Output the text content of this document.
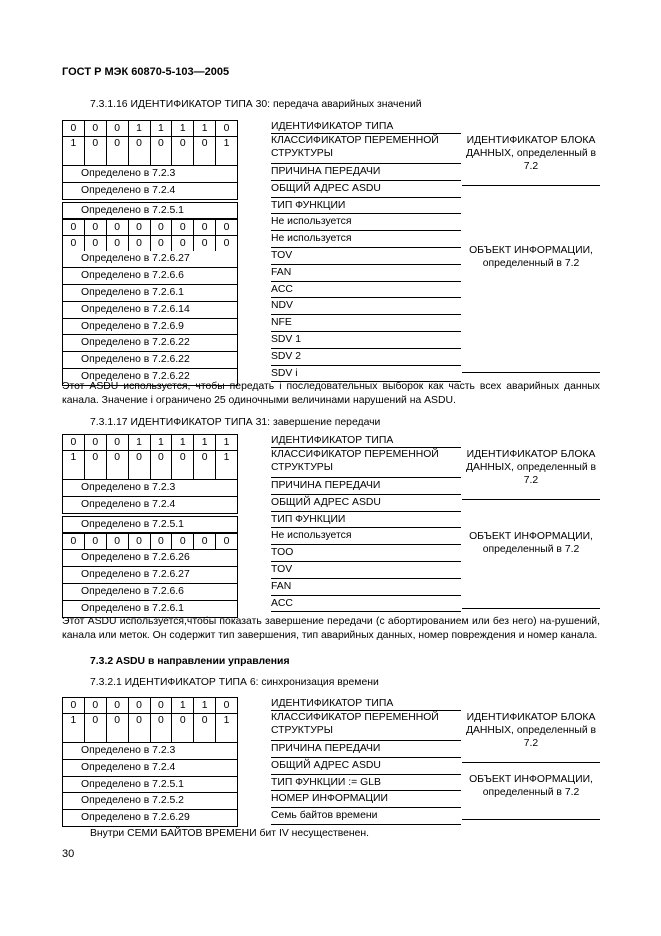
ГОСТ Р МЭК 60870-5-103—2005
7.3.1.16 ИДЕНТИФИКАТОР ТИПА 30: передача аварийных значений
0	0	0	1	1	1	1	0
1	0	0	0	0	0	0	1
Определено в 7.2.3
Определено в 7.2.4
Определено в 7.2.5.1
0	0	0	0	0	0	0	0
0	0	0	0	0	0	0	0
Определено в 7.2.6.27
Определено в 7.2.6.6
Определено в 7.2.6.1
Определено в 7.2.6.14
Определено в 7.2.6.9
Определено в 7.2.6.22
Определено в 7.2.6.22
Определено в 7.2.6.22
ИДЕНТИФИКАТОР ТИПА
КЛАССИФИКАТОР ПЕРЕМЕННОЙ СТРУКТУРЫ
ПРИЧИНА ПЕРЕДАЧИ
ОБЩИЙ АДРЕС ASDU
ТИП ФУНКЦИИ
Не используется
Не используется
TOV
FAN
ACC
NDV
NFE
SDV 1
SDV 2
SDV i
ИДЕНТИФИКАТОР БЛОКА ДАННЫХ, определенный в 7.2
ОБЪЕКТ ИНФОРМАЦИИ, определенный в 7.2
Этот ASDU используется, чтобы передать i последовательных выборок как часть всех аварийных данных канала. Значение i ограничено 25 одиночными величинами нарушений на ASDU.
7.3.1.17 ИДЕНТИФИКАТОР ТИПА 31: завершение передачи
0	0	0	1	1	1	1	1
1	0	0	0	0	0	0	1
Определено в 7.2.3
Определено в 7.2.4
Определено в 7.2.5.1
0	0	0	0	0	0	0	0
Определено в 7.2.6.26
Определено в 7.2.6.27
Определено в 7.2.6.6
Определено в 7.2.6.1
ИДЕНТИФИКАТОР ТИПА
КЛАССИФИКАТОР ПЕРЕМЕННОЙ СТРУКТУРЫ
ПРИЧИНА ПЕРЕДАЧИ
ОБЩИЙ АДРЕС ASDU
ТИП ФУНКЦИИ
Не используется
TOO
TOV
FAN
ACC
ИДЕНТИФИКАТОР БЛОКА ДАННЫХ, определенный в 7.2
ОБЪЕКТ ИНФОРМАЦИИ, определенный в 7.2
Этот ASDU используется,чтобы показать завершение передачи (с абортированием или без него) на-рушений, канала или меток. Он содержит тип завершения, тип аварийных данных, номер повреждения и номер канала.
7.3.2 ASDU в направлении управления
7.3.2.1 ИДЕНТИФИКАТОР ТИПА 6: синхронизация времени
0	0	0	0	0	1	1	0
1	0	0	0	0	0	0	1
Определено в 7.2.3
Определено в 7.2.4
Определено в 7.2.5.1
Определено в 7.2.5.2
Определено в 7.2.6.29
ИДЕНТИФИКАТОР ТИПА
КЛАССИФИКАТОР ПЕРЕМЕННОЙ СТРУКТУРЫ
ПРИЧИНА ПЕРЕДАЧИ
ОБЩИЙ АДРЕС ASDU
ТИП ФУНКЦИИ := GLB
НОМЕР ИНФОРМАЦИИ
Семь байтов времени
ИДЕНТИФИКАТОР БЛОКА ДАННЫХ, определенный в 7.2
ОБЪЕКТ ИНФОРМАЦИИ, определенный в 7.2
Внутри СЕМИ БАЙТОВ ВРЕМЕНИ бит IV несущественен.
30
